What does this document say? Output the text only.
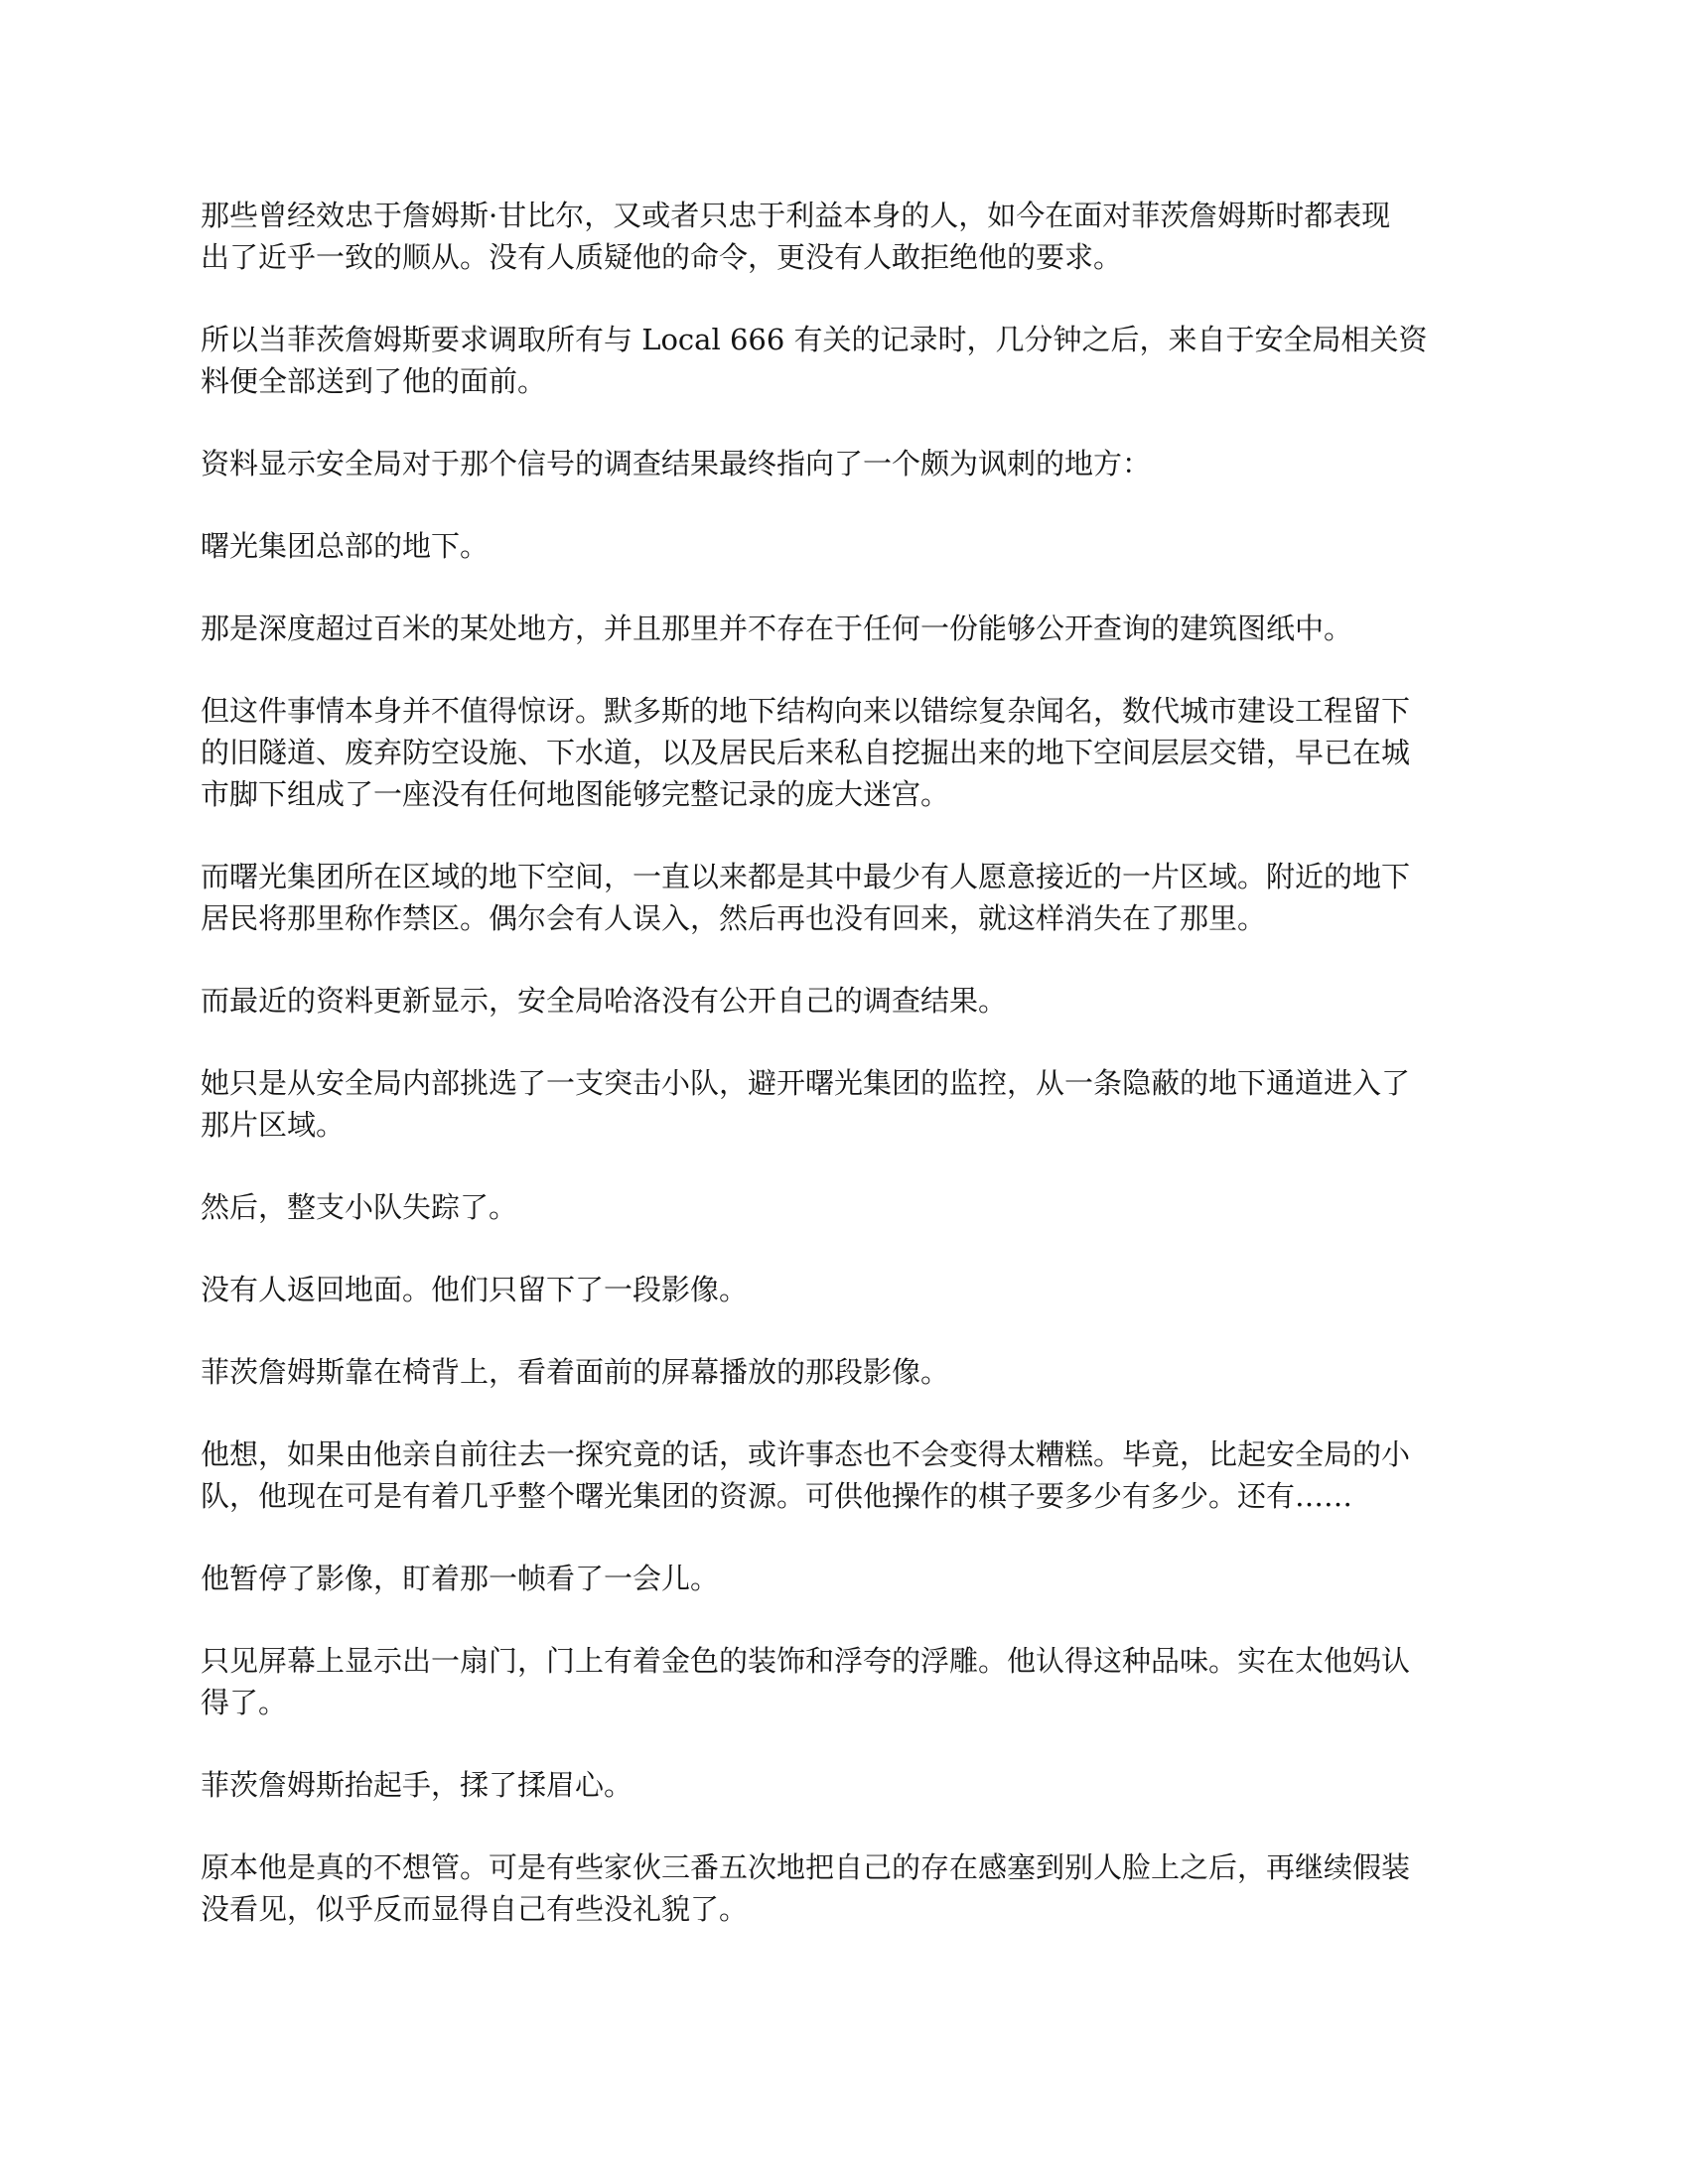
那些曾经效忠于詹姆斯·甘比尔，又或者只忠于利益本身的人，如今在面对菲茨詹姆斯时都表现
出了近乎一致的顺从。没有人质疑他的命令，更没有人敢拒绝他的要求。

所以当菲茨詹姆斯要求调取所有与 Local 666 有关的记录时，几分钟之后，来自于安全局相关资
料便全部送到了他的面前。

资料显示安全局对于那个信号的调查结果最终指向了一个颇为讽刺的地方：

曙光集团总部的地下。

那是深度超过百米的某处地方，并且那里并不存在于任何一份能够公开查询的建筑图纸中。

但这件事情本身并不值得惊讶。默多斯的地下结构向来以错综复杂闻名，数代城市建设工程留下
的旧隧道、废弃防空设施、下水道，以及居民后来私自挖掘出来的地下空间层层交错，早已在城
市脚下组成了一座没有任何地图能够完整记录的庞大迷宫。

而曙光集团所在区域的地下空间，一直以来都是其中最少有人愿意接近的一片区域。附近的地下
居民将那里称作禁区。偶尔会有人误入，然后再也没有回来，就这样消失在了那里。

而最近的资料更新显示，安全局哈洛没有公开自己的调查结果。

她只是从安全局内部挑选了一支突击小队，避开曙光集团的监控，从一条隐蔽的地下通道进入了
那片区域。

然后，整支小队失踪了。

没有人返回地面。他们只留下了一段影像。

菲茨詹姆斯靠在椅背上，看着面前的屏幕播放的那段影像。

他想，如果由他亲自前往去一探究竟的话，或许事态也不会变得太糟糕。毕竟，比起安全局的小
队，他现在可是有着几乎整个曙光集团的资源。可供他操作的棋子要多少有多少。还有……

他暂停了影像，盯着那一帧看了一会儿。

只见屏幕上显示出一扇门，门上有着金色的装饰和浮夸的浮雕。他认得这种品味。实在太他妈认
得了。

菲茨詹姆斯抬起手，揉了揉眉心。

原本他是真的不想管。可是有些家伙三番五次地把自己的存在感塞到别人脸上之后，再继续假装
没看见，似乎反而显得自己有些没礼貌了。
